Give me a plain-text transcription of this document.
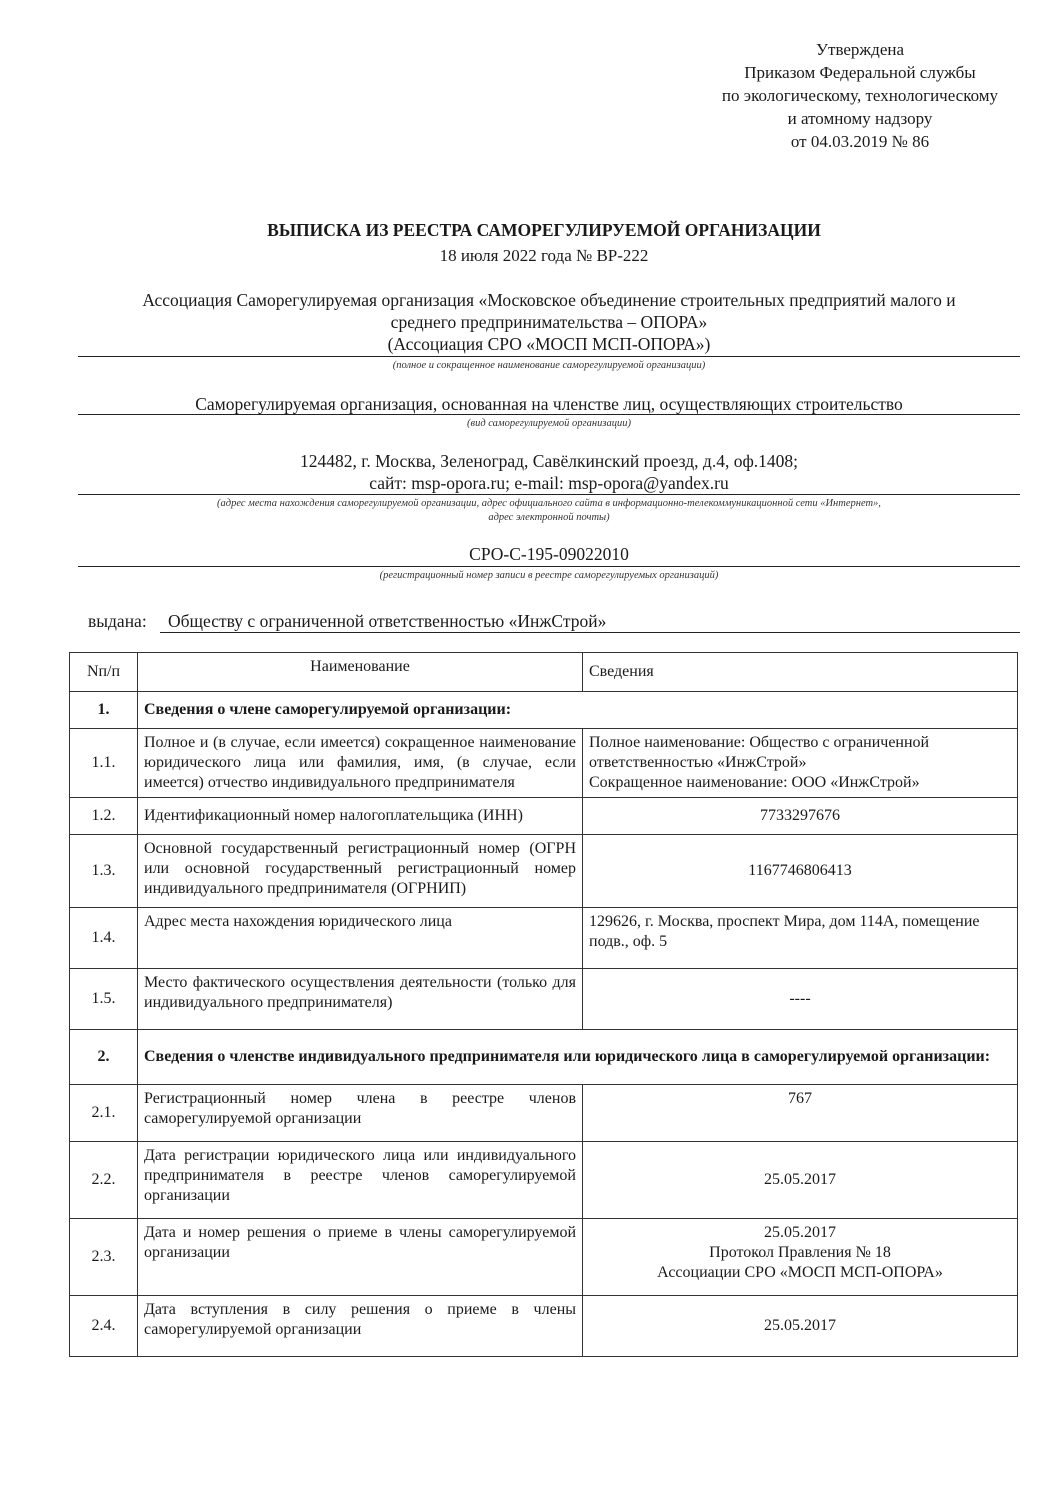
Утверждена
Приказом Федеральной службы
по экологическому, технологическому
и атомному надзору
от 04.03.2019 № 86
ВЫПИСКА ИЗ РЕЕСТРА САМОРЕГУЛИРУЕМОЙ ОРГАНИЗАЦИИ
18 июля 2022 года № ВР-222
Ассоциация Саморегулируемая организация «Московское объединение строительных предприятий малого и
среднего предпринимательства – ОПОРА»
(Ассоциация СРО «МОСП МСП-ОПОРА»)
(полное и сокращенное наименование саморегулируемой организации)
Саморегулируемая организация, основанная на членстве лиц, осуществляющих строительство
(вид саморегулируемой организации)
124482, г. Москва, Зеленоград, Савёлкинский проезд, д.4, оф.1408;
сайт: msp-opora.ru; e-mail: msp-opora@yandex.ru
(адрес места нахождения саморегулируемой организации, адрес официального сайта в информационно-телекоммуникационной сети «Интернет»,
адрес электронной почты)
СРО-С-195-09022010
(регистрационный номер записи в реестре саморегулируемых организаций)
выдана: Обществу с ограниченной ответственностью «ИнжСтрой»
Nп/п	Наименование	Сведения
1.	Сведения о члене саморегулируемой организации:	
1.1.	Полное и (в случае, если имеется) сокращенное наименование юридического лица или фамилия, имя, (в случае, если имеется) отчество индивидуального предпринимателя	Полное наименование: Общество с ограниченной ответственностью «ИнжСтрой»
Сокращенное наименование: ООО «ИнжСтрой»

1.2.	Идентификационный номер налогоплательщика (ИНН)	7733297676
1.3.	Основной государственный регистрационный номер (ОГРН или основной государственный регистрационный номер индивидуального предпринимателя (ОГРНИП)	1167746806413
1.4.	Адрес места нахождения юридического лица	129626, г. Москва, проспект Мира, дом 114А, помещение подв., оф. 5
1.5.	Место фактического осуществления деятельности (только для индивидуального предпринимателя)	----
2.	Сведения о членстве индивидуального предпринимателя или юридического лица в саморегулируемой организации:	
2.1.	Регистрационный номер члена в реестре членов саморегулируемой организации	767
2.2.	Дата регистрации юридического лица или индивидуального предпринимателя в реестре членов саморегулируемой организации	25.05.2017
2.3.	Дата и номер решения о приеме в члены саморегулируемой организации	25.05.2017
Протокол Правления № 18
Ассоциации СРО «МОСП МСП-ОПОРА»

2.4.	Дата вступления в силу решения о приеме в члены саморегулируемой организации	25.05.2017
